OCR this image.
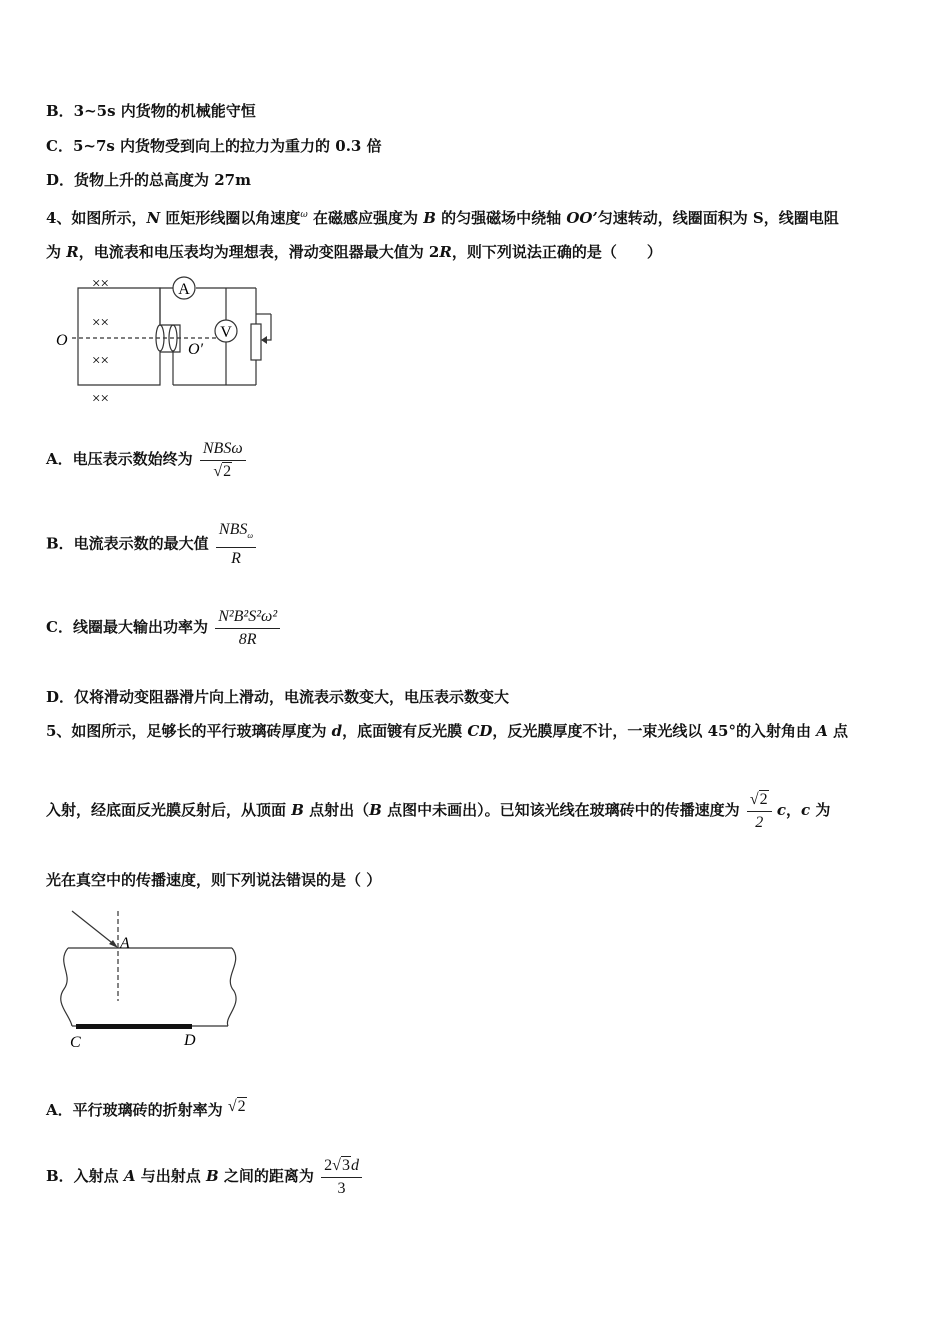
B．3~5s 内货物的机械能守恒
C．5~7s 内货物受到向上的拉力为重力的 0.3 倍
D．货物上升的总高度为 27m
4、如图所示，N 匝矩形线圈以角速度$^\omega$ 在磁感应强度为 B 的匀强磁场中绕轴 OO’匀速转动，线圈面积为 S，线圈电阻
为 R，电流表和电压表均为理想表，滑动变阻器最大值为 2R，则下列说法正确的是（　　）
A
V
××
××
××
××
O
O′
A．电压表示数始终为 $\frac{\text{NBSω}}{√2}$
B．电流表示数的最大值 $\frac{NBS_\omega}{R}$
C．线圈最大输出功率为 $\frac{\text{N²B²S²ω²}}{8R}$
D．仅将滑动变阻器滑片向上滑动，电流表示数变大，电压表示数变大
5、如图所示，足够长的平行玻璃砖厚度为 d，底面镀有反光膜 CD，反光膜厚度不计，一束光线以 45°的入射角由 A 点
入射，经底面反光膜反射后，从顶面 B 点射出（B 点图中未画出）。已知该光线在玻璃砖中的传播速度为 $\frac{√2}{2}$ c，c 为
光在真空中的传播速度，则下列说法错误的是（ ）
A
C	D
A．平行玻璃砖的折射率为 √2
B．入射点 A 与出射点 B 之间的距离为 $\frac{2√3d}{3}$
